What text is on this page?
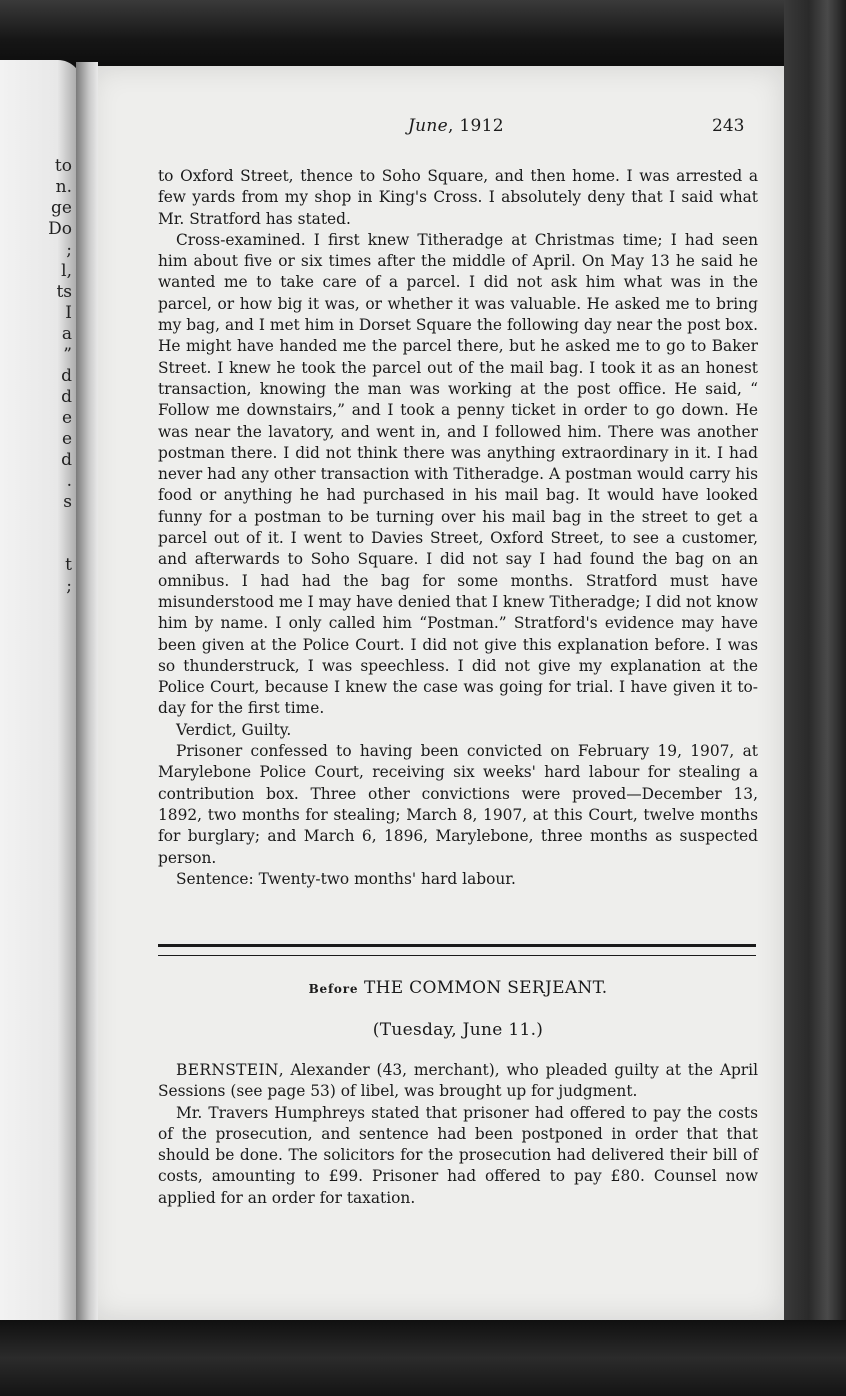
to
n.
ge
Do
;
l,
ts
I
a
”
d
d
e
e
d
.
s
t
;
June, 1912	243

to Oxford Street, thence to Soho Square, and then home. I was arrested a few yards from my shop in King's Cross. I absolutely deny that I said what Mr. Stratford has stated.

Cross-examined. I first knew Titheradge at Christmas time; I had seen him about five or six times after the middle of April. On May 13 he said he wanted me to take care of a parcel. I did not ask him what was in the parcel, or how big it was, or whether it was valuable. He asked me to bring my bag, and I met him in Dorset Square the following day near the post box. He might have handed me the parcel there, but he asked me to go to Baker Street. I knew he took the parcel out of the mail bag. I took it as an honest transaction, knowing the man was working at the post office. He said, “ Follow me downstairs,” and I took a penny ticket in order to go down. He was near the lavatory, and went in, and I followed him. There was another postman there. I did not think there was anything extraordinary in it. I had never had any other transaction with Titheradge. A postman would carry his food or anything he had purchased in his mail bag. It would have looked funny for a postman to be turning over his mail bag in the street to get a parcel out of it. I went to Davies Street, Oxford Street, to see a customer, and afterwards to Soho Square. I did not say I had found the bag on an omnibus. I had had the bag for some months. Stratford must have misunderstood me I may have denied that I knew Titheradge; I did not know him by name. I only called him “Postman.” Stratford's evidence may have been given at the Police Court. I did not give this explanation before. I was so thunderstruck, I was speechless. I did not give my explanation at the Police Court, because I knew the case was going for trial. I have given it to-day for the first time.

Verdict, Guilty.

Prisoner confessed to having been convicted on February 19, 1907, at Marylebone Police Court, receiving six weeks' hard labour for stealing a contribution box. Three other convictions were proved—December 13, 1892, two months for stealing; March 8, 1907, at this Court, twelve months for burglary; and March 6, 1896, Marylebone, three months as suspected person.

Sentence: Twenty-two months' hard labour.

Before THE COMMON SERJEANT.
(Tuesday, June 11.)

BERNSTEIN, Alexander (43, merchant), who pleaded guilty at the April Sessions (see page 53) of libel, was brought up for judgment.

Mr. Travers Humphreys stated that prisoner had offered to pay the costs of the prosecution, and sentence had been postponed in order that that should be done. The solicitors for the prosecution had delivered their bill of costs, amounting to £99. Prisoner had offered to pay £80. Counsel now applied for an order for taxation.
